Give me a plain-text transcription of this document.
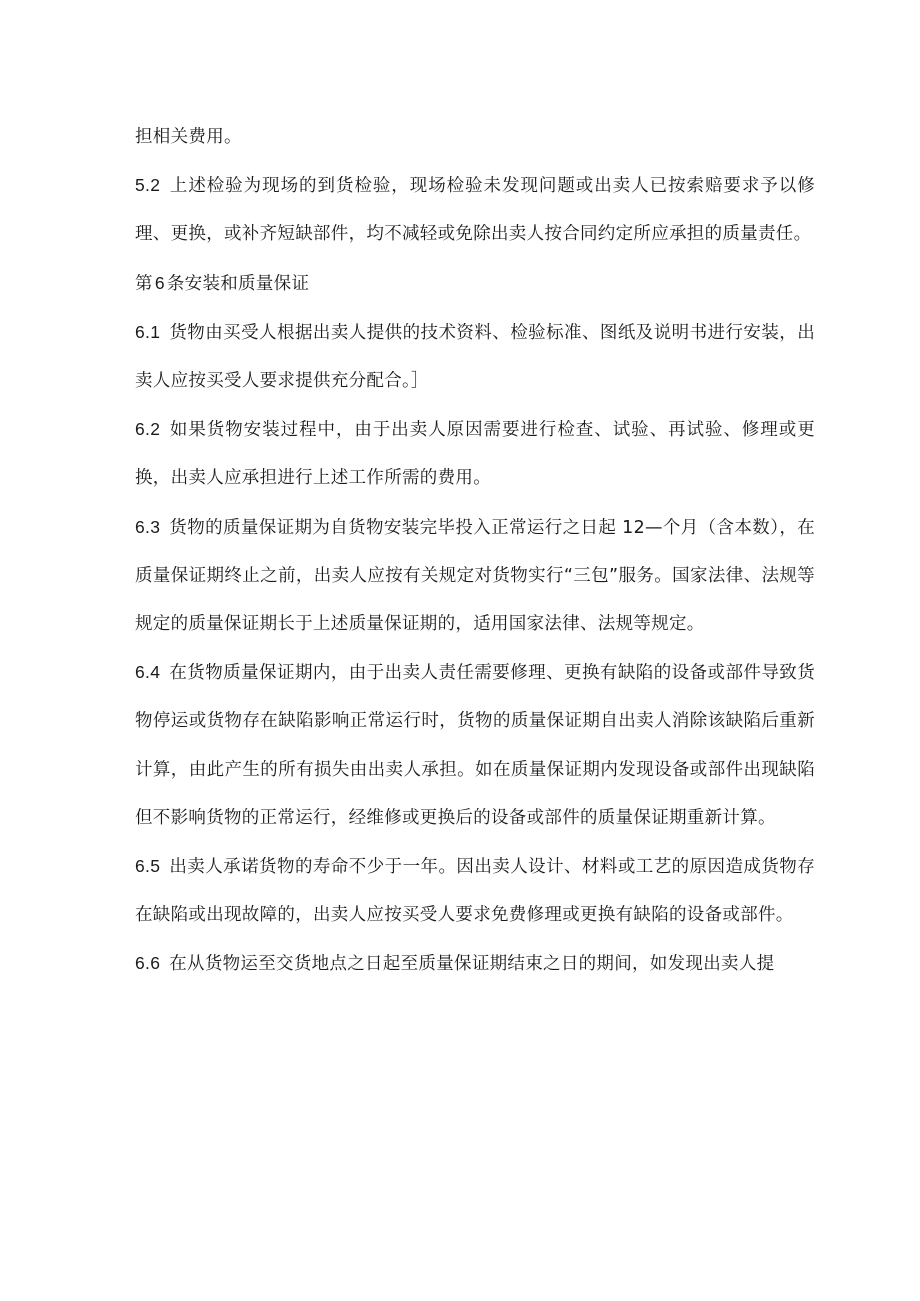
担相关费用。

5.2 上述检验为现场的到货检验，现场检验未发现问题或出卖人已按索赔要求予以修理、更换，或补齐短缺部件，均不减轻或免除出卖人按合同约定所应承担的质量责任。

第 6 条安装和质量保证

6.1 货物由买受人根据出卖人提供的技术资料、检验标准、图纸及说明书进行安装，出卖人应按买受人要求提供充分配合。］

6.2 如果货物安装过程中，由于出卖人原因需要进行检查、试验、再试验、修理或更换，出卖人应承担进行上述工作所需的费用。

6.3 货物的质量保证期为自货物安装完毕投入正常运行之日起 12—个月（含本数），在质量保证期终止之前，出卖人应按有关规定对货物实行“三包”服务。国家法律、法规等规定的质量保证期长于上述质量保证期的，适用国家法律、法规等规定。

6.4 在货物质量保证期内，由于出卖人责任需要修理、更换有缺陷的设备或部件导致货物停运或货物存在缺陷影响正常运行时，货物的质量保证期自出卖人消除该缺陷后重新计算，由此产生的所有损失由出卖人承担。如在质量保证期内发现设备或部件出现缺陷但不影响货物的正常运行，经维修或更换后的设备或部件的质量保证期重新计算。

6.5 出卖人承诺货物的寿命不少于一年。因出卖人设计、材料或工艺的原因造成货物存在缺陷或出现故障的，出卖人应按买受人要求免费修理或更换有缺陷的设备或部件。

6.6 在从货物运至交货地点之日起至质量保证期结束之日的期间，如发现出卖人提
